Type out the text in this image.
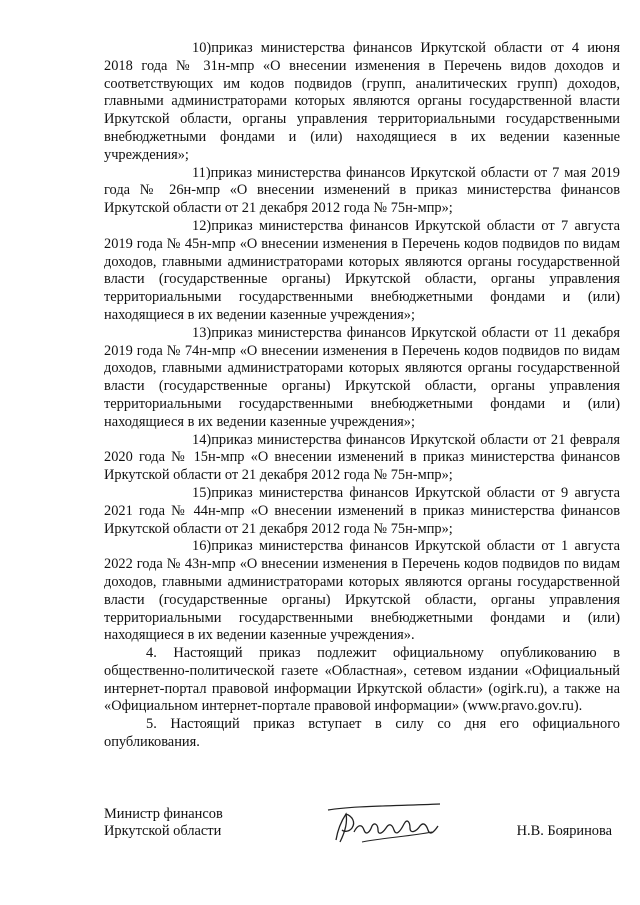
10)приказ министерства финансов Иркутской области от 4 июня 2018 года № 31н-мпр «О внесении изменения в Перечень видов доходов и соответствующих им кодов подвидов (групп, аналитических групп) доходов, главными администраторами которых являются органы государственной власти Иркутской области, органы управления территориальными государственными внебюджетными фондами и (или) находящиеся в их ведении казенные учреждения»;

11)приказ министерства финансов Иркутской области от 7 мая 2019 года № 26н-мпр «О внесении изменений в приказ министерства финансов Иркутской области от 21 декабря 2012 года № 75н-мпр»;

12)приказ министерства финансов Иркутской области от 7 августа 2019 года № 45н-мпр «О внесении изменения в Перечень кодов подвидов по видам доходов, главными администраторами которых являются органы государственной власти (государственные органы) Иркутской области, органы управления территориальными государственными внебюджетными фондами и (или) находящиеся в их ведении казенные учреждения»;

13)приказ министерства финансов Иркутской области от 11 декабря 2019 года № 74н-мпр «О внесении изменения в Перечень кодов подвидов по видам доходов, главными администраторами которых являются органы государственной власти (государственные органы) Иркутской области, органы управления территориальными государственными внебюджетными фондами и (или) находящиеся в их ведении казенные учреждения»;

14)приказ министерства финансов Иркутской области от 21 февраля 2020 года № 15н-мпр «О внесении изменений в приказ министерства финансов Иркутской области от 21 декабря 2012 года № 75н-мпр»;

15)приказ министерства финансов Иркутской области от 9 августа 2021 года № 44н-мпр «О внесении изменений в приказ министерства финансов Иркутской области от 21 декабря 2012 года № 75н-мпр»;

16)приказ министерства финансов Иркутской области от 1 августа 2022 года № 43н-мпр «О внесении изменения в Перечень кодов подвидов по видам доходов, главными администраторами которых являются органы государственной власти (государственные органы) Иркутской области, органы управления территориальными государственными внебюджетными фондами и (или) находящиеся в их ведении казенные учреждения».

4. Настоящий приказ подлежит официальному опубликованию в общественно-политической газете «Областная», сетевом издании «Официальный интернет-портал правовой информации Иркутской области» (ogirk.ru), а также на «Официальном интернет-портале правовой информации» (www.pravo.gov.ru).

5. Настоящий приказ вступает в силу со дня его официального опубликования.

Министр финансов
Иркутской области	Н.В. Бояринова
